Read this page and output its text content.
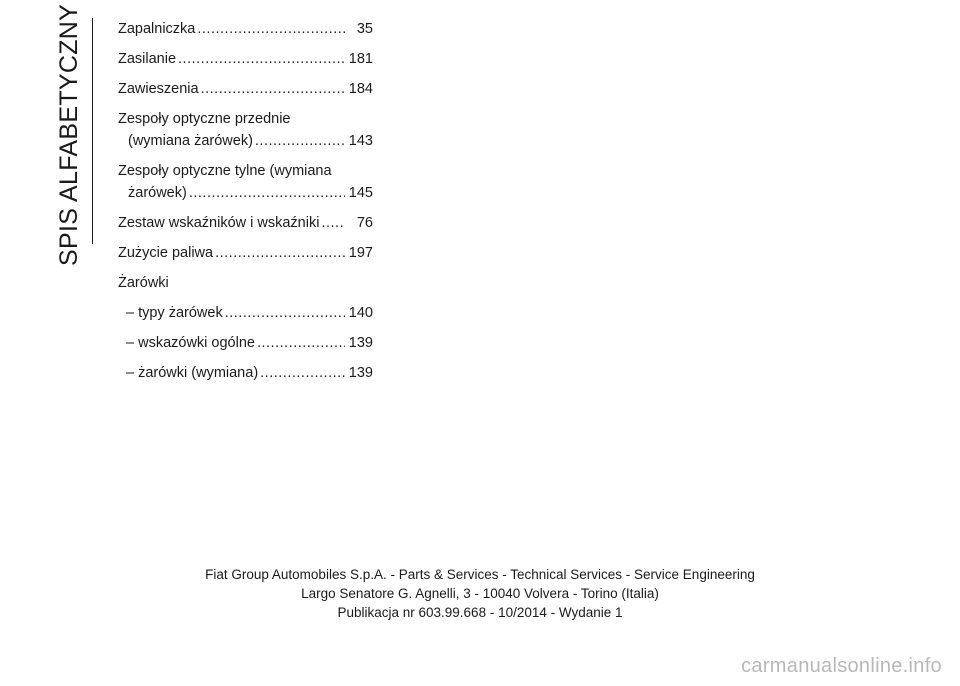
SPIS ALFABETYCZNY Zapalniczka .....	35
Zasilanie .....	181
Zawieszenia .....	184
Zespoły optyczne przednie
(wymiana żarówek) .....	143
Zespoły optyczne tylne (wymiana
żarówek) .....	145
Zestaw wskaźników i wskaźniki .....	76
Zużycie paliwa .....	197
Żarówki
– typy żarówek .....	140
– wskazówki ogólne .....	139
– żarówki (wymiana) .....	139
Fiat Group Automobiles S.p.A. - Parts & Services - Technical Services - Service Engineering
Largo Senatore G. Agnelli, 3 - 10040 Volvera - Torino (Italia)
Publikacja nr 603.99.668 - 10/2014 - Wydanie 1
carmanualsonline.info
